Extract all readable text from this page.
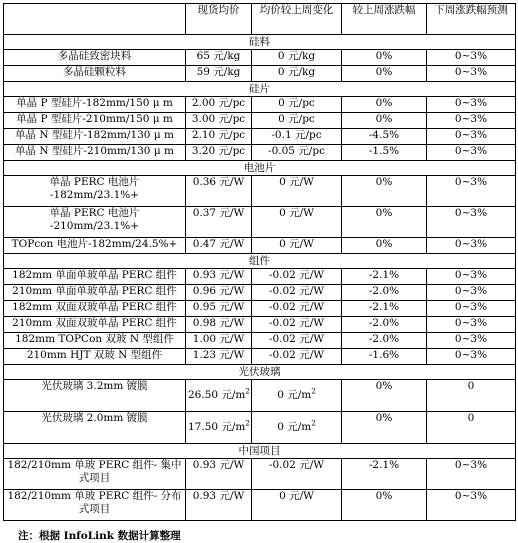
	现货均价	均价较上周变化	较上周涨跌幅	下周涨跌幅预测
硅料				
多晶硅致密块料	65 元/kg	0 元/kg	0%	0~3%
多晶硅颗粒料	59 元/kg	0 元/kg	0%	0~3%
硅片				
单晶 P 型硅片-182mm/150 μ m	2.00 元/pc	0 元/pc	0%	0~3%
单晶 P 型硅片-210mm/150 μ m	3.00 元/pc	0 元/pc	0%	0~3%
单晶 N 型硅片-182mm/130 μ m	2.10 元/pc	-0.1 元/pc	-4.5%	0~3%
单晶 N 型硅片-210mm/130 μ m	3.20 元/pc	-0.05 元/pc	-1.5%	0~3%
电池片				
单晶 PERC 电池片 -182mm/23.1%+	0.36 元/W	0 元/W	0%	0~3%
单晶 PERC 电池片 -210mm/23.1%+	0.37 元/W	0 元/W	0%	0~3%
TOPcon 电池片-182mm/24.5%+	0.47 元/W	0 元/W	0%	0~3%
组件				
182mm 单面单玻单晶 PERC 组件	0.93 元/W	-0.02 元/W	-2.1%	0~3%
210mm 单面单玻单晶 PERC 组件	0.96 元/W	-0.02 元/W	-2.0%	0~3%
182mm 双面双玻单晶 PERC 组件	0.95 元/W	-0.02 元/W	-2.1%	0~3%
210mm 双面双玻单晶 PERC 组件	0.98 元/W	-0.02 元/W	-2.0%	0~3%
182mm TOPCon 双玻 N 型组件	1.00 元/W	-0.02 元/W	-2.0%	0~3%
210mm HJT 双玻 N 型组件	1.23 元/W	-0.02 元/W	-1.6%	0~3%
光伏玻璃				
光伏玻璃 3.2mm 镀膜	26.50 元$/m^2$	0 元$/m^2$	0%	0
光伏玻璃 2.0mm 镀膜	17.50 元$/m^2$	0 元$/m^2$	0%	0
中国项目				
182/210mm 单玻 PERC 组件- 集中式项目	0.93 元/W	-0.02 元/W	-2.1%	0~3%
182/210mm 单玻 PERC 组件- 分布式项目	0.93 元/W	0 元/W	0%	0~3%
注：根据 InfoLink 数据计算整理
